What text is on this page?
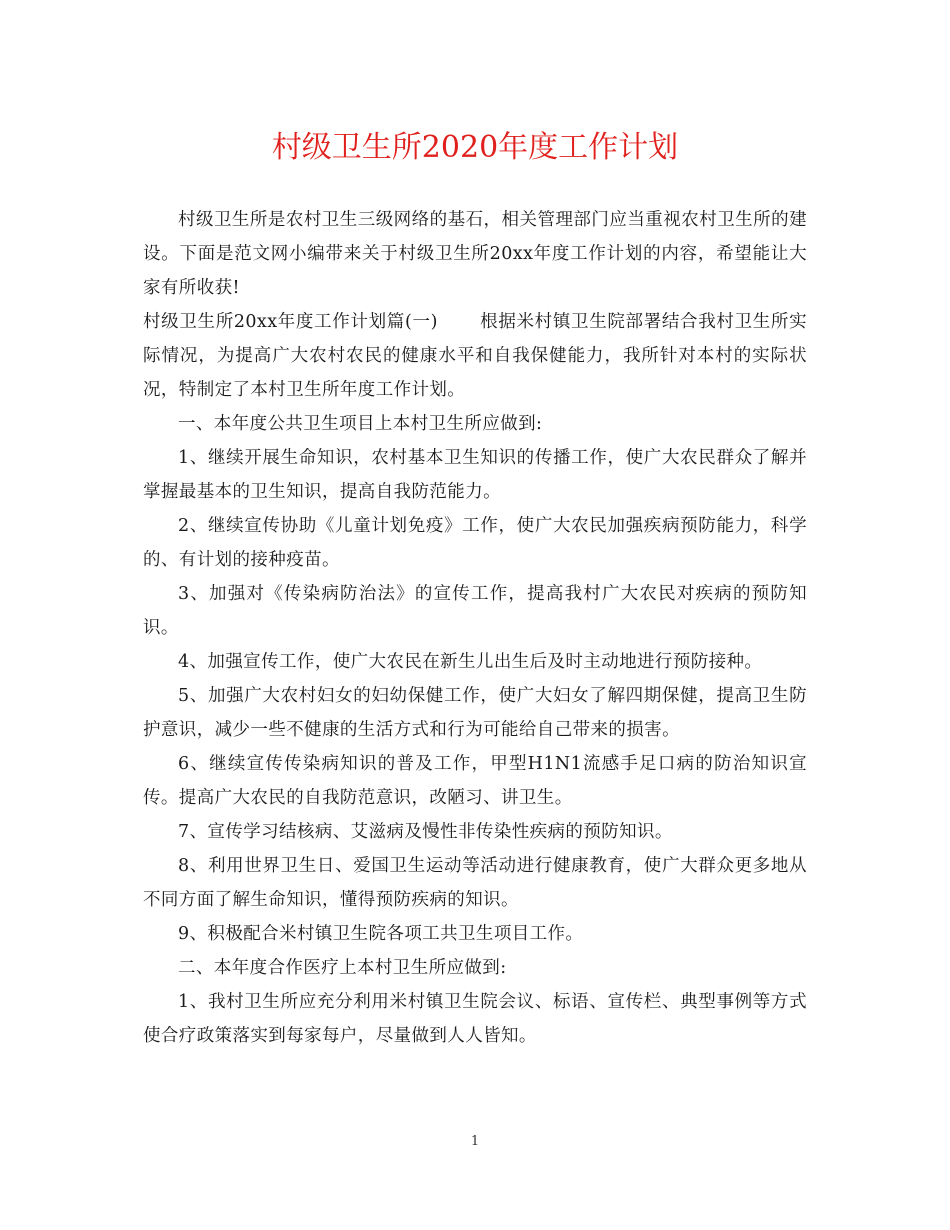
村级卫生所2020年度工作计划

村级卫生所是农村卫生三级网络的基石，相关管理部门应当重视农村卫生所的建设。下面是范文网小编带来关于村级卫生所20xx年度工作计划的内容，希望能让大家有所收获!

村级卫生所20xx年度工作计划篇(一) 根据米村镇卫生院部署结合我村卫生所实际情况，为提高广大农村农民的健康水平和自我保健能力，我所针对本村的实际状况，特制定了本村卫生所年度工作计划。

一、本年度公共卫生项目上本村卫生所应做到:

1、继续开展生命知识，农村基本卫生知识的传播工作，使广大农民群众了解并掌握最基本的卫生知识，提高自我防范能力。

2、继续宣传协助《儿童计划免疫》工作，使广大农民加强疾病预防能力，科学的、有计划的接种疫苗。

3、加强对《传染病防治法》的宣传工作，提高我村广大农民对疾病的预防知识。

4、加强宣传工作，使广大农民在新生儿出生后及时主动地进行预防接种。

5、加强广大农村妇女的妇幼保健工作，使广大妇女了解四期保健，提高卫生防护意识，减少一些不健康的生活方式和行为可能给自己带来的损害。

6、继续宣传传染病知识的普及工作，甲型H1N1流感手足口病的防治知识宣传。提高广大农民的自我防范意识，改陋习、讲卫生。

7、宣传学习结核病、艾滋病及慢性非传染性疾病的预防知识。

8、利用世界卫生日、爱国卫生运动等活动进行健康教育，使广大群众更多地从不同方面了解生命知识，懂得预防疾病的知识。

9、积极配合米村镇卫生院各项工共卫生项目工作。

二、本年度合作医疗上本村卫生所应做到:

1、我村卫生所应充分利用米村镇卫生院会议、标语、宣传栏、典型事例等方式使合疗政策落实到每家每户，尽量做到人人皆知。

1
